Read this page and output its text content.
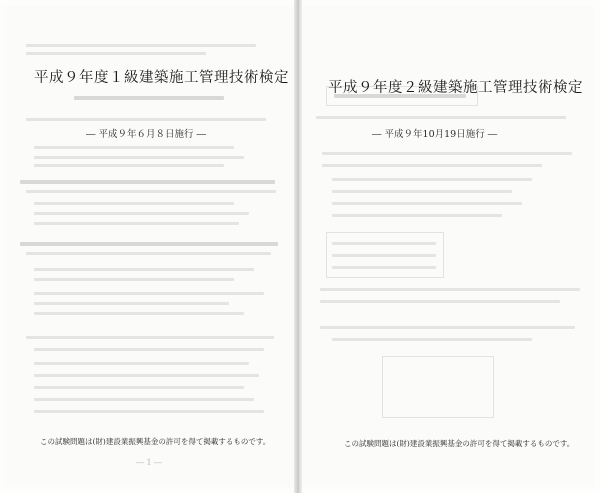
平成９年度１級建築施工管理技術検定
― 平成９年６月８日施行 ―
この試験問題は(財)建設業振興基金の許可を得て掲載するものです。
― 1 ―
平成９年度２級建築施工管理技術検定
― 平成９年10月19日施行 ―
この試験問題は(財)建設業振興基金の許可を得て掲載するものです。
